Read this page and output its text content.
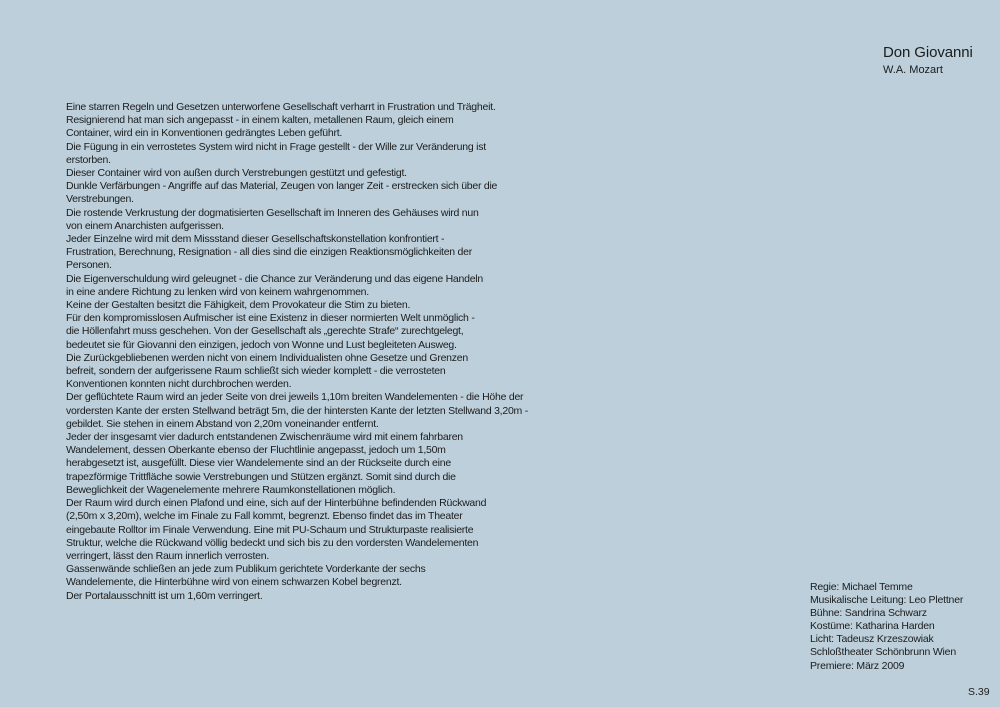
Don Giovanni
W.A. Mozart
Eine starren Regeln und Gesetzen unterworfene Gesellschaft verharrt in Frustration und Trägheit.
Resignierend hat man sich angepasst - in einem kalten, metallenen Raum, gleich einem
Container, wird ein in Konventionen gedrängtes Leben geführt.
Die Fügung in ein verrostetes System wird nicht in Frage gestellt - der Wille zur Veränderung ist
erstorben.
Dieser Container wird von außen durch Verstrebungen gestützt und gefestigt.
Dunkle Verfärbungen - Angriffe auf das Material, Zeugen von langer Zeit - erstrecken sich über die
Verstrebungen.
Die rostende Verkrustung der dogmatisierten Gesellschaft im Inneren des Gehäuses wird nun
von einem Anarchisten aufgerissen.
Jeder Einzelne wird mit dem Missstand dieser Gesellschaftskonstellation konfrontiert -
Frustration, Berechnung, Resignation - all dies sind die einzigen Reaktionsmöglichkeiten der
Personen.
Die Eigenverschuldung wird geleugnet - die Chance zur Veränderung und das eigene Handeln
in eine andere Richtung zu lenken wird von keinem wahrgenommen.
Keine der Gestalten besitzt die Fähigkeit, dem Provokateur die Stim zu bieten.
Für den kompromisslosen Aufmischer ist eine Existenz in dieser normierten Welt unmöglich -
die Höllenfahrt muss geschehen. Von der Gesellschaft als „gerechte Strafe“ zurechtgelegt,
bedeutet sie für Giovanni den einzigen, jedoch von Wonne und Lust begleiteten Ausweg.
Die Zurückgebliebenen werden nicht von einem Individualisten ohne Gesetze und Grenzen
befreit, sondern der aufgerissene Raum schließt sich wieder komplett - die verrosteten
Konventionen konnten nicht durchbrochen werden.
Der geflüchtete Raum wird an jeder Seite von drei jeweils 1,10m breiten Wandelementen - die Höhe der
vordersten Kante der ersten Stellwand beträgt 5m, die der hintersten Kante der letzten Stellwand 3,20m -
gebildet. Sie stehen in einem Abstand von 2,20m voneinander entfernt.
Jeder der insgesamt vier dadurch entstandenen Zwischenräume wird mit einem fahrbaren
Wandelement, dessen Oberkante ebenso der Fluchtlinie angepasst, jedoch um 1,50m
herabgesetzt ist, ausgefüllt. Diese vier Wandelemente sind an der Rückseite durch eine
trapezförmige Trittfläche sowie Verstrebungen und Stützen ergänzt. Somit sind durch die
Beweglichkeit der Wagenelemente mehrere Raumkonstellationen möglich.
Der Raum wird durch einen Plafond und eine, sich auf der Hinterbühne befindenden Rückwand
(2,50m x 3,20m), welche im Finale zu Fall kommt, begrenzt. Ebenso findet das im Theater
eingebaute Rolltor im Finale Verwendung. Eine mit PU-Schaum und Strukturpaste realisierte
Struktur, welche die Rückwand völlig bedeckt und sich bis zu den vordersten Wandelementen
verringert, lässt den Raum innerlich verrosten.
Gassenwände schließen an jede zum Publikum gerichtete Vorderkante der sechs
Wandelemente, die Hinterbühne wird von einem schwarzen Kobel begrenzt.
Der Portalausschnitt ist um 1,60m verringert.
Regie: Michael Temme
Musikalische Leitung: Leo Plettner
Bühne: Sandrina Schwarz
Kostüme: Katharina Harden
Licht: Tadeusz Krzeszowiak
Schloßtheater Schönbrunn Wien
Premiere: März 2009
S.39
